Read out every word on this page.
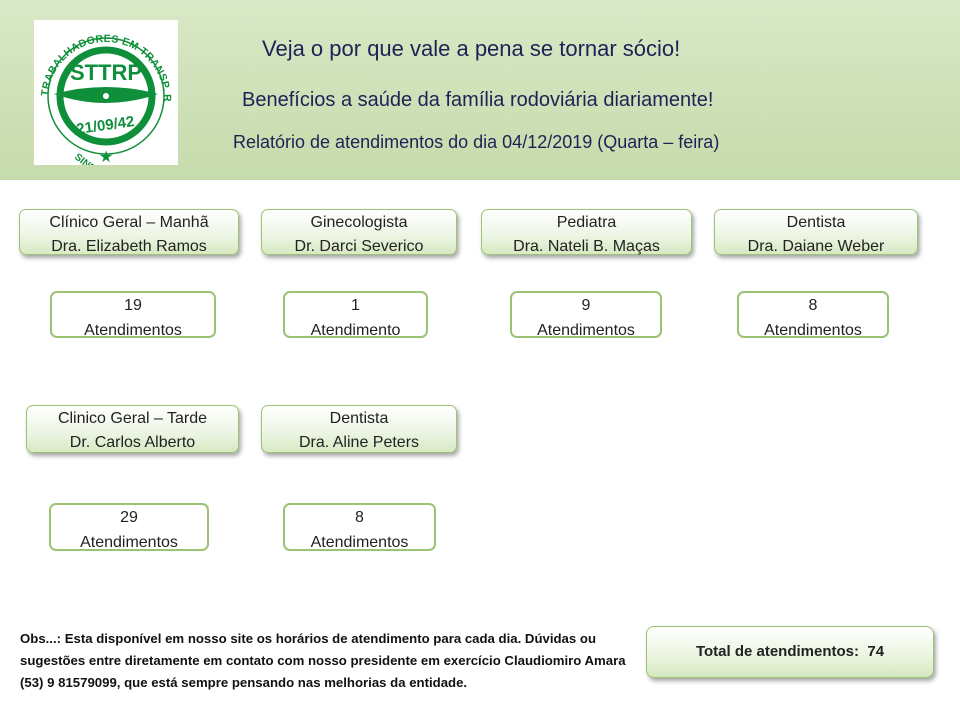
TRABALHADORES EM TRANSP. R
SIND.
STTRP
21/09/42
★
Veja o por que vale a pena se tornar sócio!
Benefícios a saúde da família rodoviária diariamente!
Relatório de atendimentos do dia 04/12/2019 (Quarta – feira)
Clínico Geral – Manhã
Dra. Elizabeth Ramos
Ginecologista
Dr. Darci Severico
Pediatra
Dra. Nateli B. Maças
Dentista
Dra. Daiane Weber
19
Atendimentos
1
Atendimento
9
Atendimentos
8
Atendimentos
Clinico Geral – Tarde
Dr. Carlos Alberto
Dentista
Dra. Aline Peters
29
Atendimentos
8
Atendimentos
Obs...: Esta disponível em nosso site os horários de atendimento para cada dia. Dúvidas ou sugestões entre diretamente em contato com nosso presidente em exercício Claudiomiro Amara (53) 9 81579099, que está sempre pensando nas melhorias da entidade.
Total de atendimentos: 74
